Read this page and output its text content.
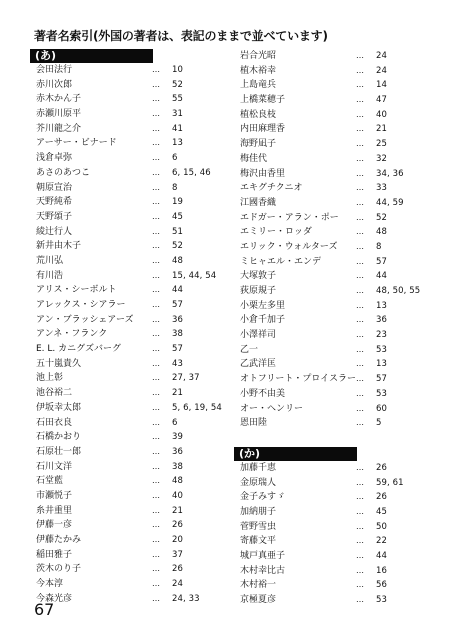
著者名索引(外国の著者は、表記のままで並べています)
(あ)
会田法行	… 10
赤川次郎	… 52
赤木かん子	… 55
赤瀬川原平	… 31
芥川龍之介	… 41
アーサー・ビナード	… 13
浅倉卓弥	… 6
あさのあつこ	… 6, 15, 46
朝原宣治	… 8
天野純希	… 19
天野頌子	… 45
綾辻行人	… 51
新井由木子	… 52
荒川弘	… 48
有川浩	… 15, 44, 54
アリス・シーボルト	… 44
アレックス・シアラー	… 57
アン・ブラッシェアーズ … 36
アンネ・フランク	… 38
E. L. カニグズバーグ	… 57
五十嵐貴久	… 43
池上彰	… 27, 37
池谷裕二	… 21
伊坂幸太郎	… 5, 6, 19, 54
石田衣良	… 6
石橋かおり	… 39
石原壮一郎	… 36
石川文洋	… 38
石堂藍	… 48
市瀬悦子	… 40
糸井重里	… 21
伊藤一彦	… 26
伊藤たかみ	… 20
稲田雅子	… 37
茨木のり子	… 26
今本淳	… 24
今森光彦	… 24, 33
岩合光昭	… 24
植木裕幸	… 24
上島竜兵	… 14
上橋菜穂子	… 47
植松良枝	… 40
内田麻理香	… 21
海野凪子	… 25
梅佳代	… 32
梅沢由香里	… 34, 36
エキグチクニオ	… 33
江國香織	… 44, 59
エドガー・アラン・ポー … 52
エミリー・ロッダ	… 48
エリック・ウォルターズ … 8
ミヒャエル・エンデ	… 57
大塚敦子	… 44
荻原規子	… 48, 50, 55
小栗左多里	… 13
小倉千加子	… 36
小澤祥司	… 23
乙一	… 53
乙武洋匡	… 13
オトフリート・プロイスラー … 57
小野不由美	… 53
オー・ヘンリー	… 60
恩田陸	… 5
(か)
加藤千恵	… 26
金原瑞人	… 59, 61
金子みすゞ	… 26
加納朋子	… 45
菅野雪虫	… 50
寄藤文平	… 22
城戸真亜子	… 44
木村幸比古	… 16
木村裕一	… 56
京極夏彦	… 53
67
